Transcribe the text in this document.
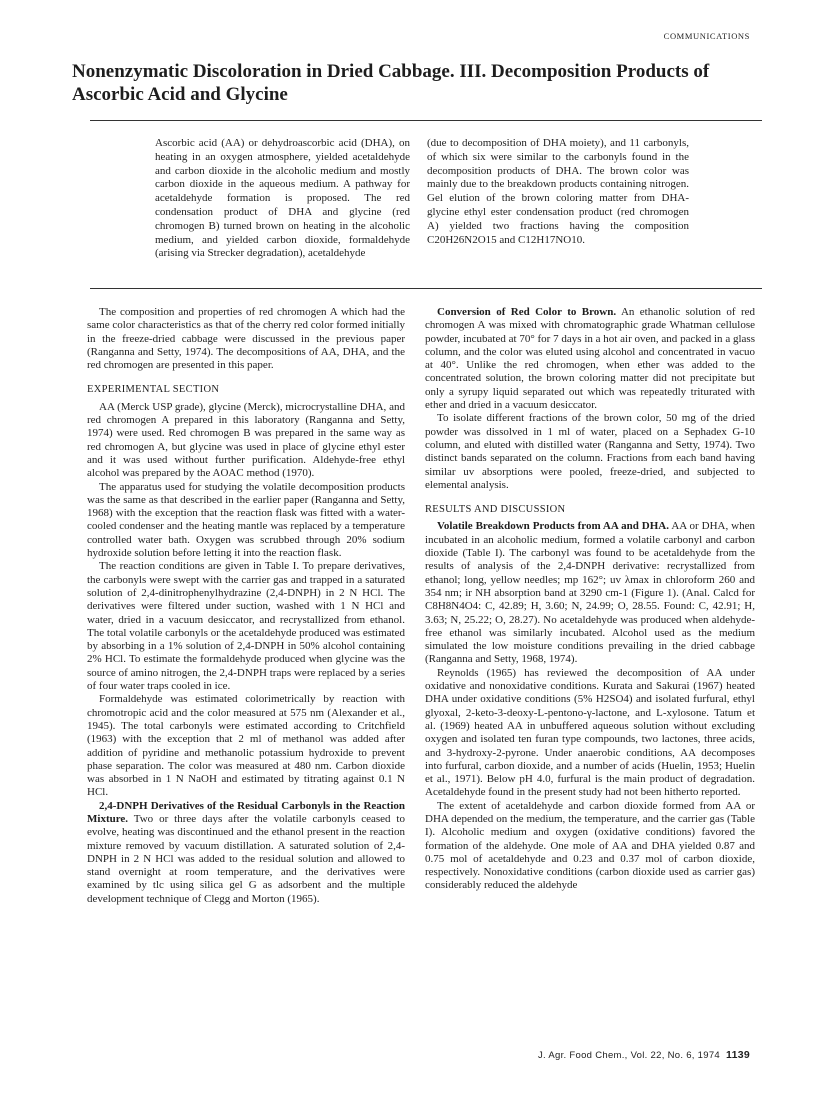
COMMUNICATIONS
Nonenzymatic Discoloration in Dried Cabbage. III. Decomposition Products of Ascorbic Acid and Glycine

Ascorbic acid (AA) or dehydroascorbic acid (DHA), on heating in an oxygen atmosphere, yielded acetaldehyde and carbon dioxide in the alcoholic medium and mostly carbon dioxide in the aqueous medium. A pathway for acetaldehyde formation is proposed. The red condensation product of DHA and glycine (red chromogen B) turned brown on heating in the alcoholic medium, and yielded carbon dioxide, formaldehyde (arising via Strecker degradation), acetaldehyde

(due to decomposition of DHA moiety), and 11 carbonyls, of which six were similar to the carbonyls found in the decomposition products of DHA. The brown color was mainly due to the breakdown products containing nitrogen. Gel elution of the brown coloring matter from DHA-glycine ethyl ester condensation product (red chromogen A) yielded two fractions having the composition C20H26N2O15 and C12H17NO10.

The composition and properties of red chromogen A which had the same color characteristics as that of the cherry red color formed initially in the freeze-dried cabbage were discussed in the previous paper (Ranganna and Setty, 1974). The decompositions of AA, DHA, and the red chromogen are presented in this paper.

EXPERIMENTAL SECTION

AA (Merck USP grade), glycine (Merck), microcrystalline DHA, and red chromogen A prepared in this laboratory (Ranganna and Setty, 1974) were used. Red chromogen B was prepared in the same way as red chromogen A, but glycine was used in place of glycine ethyl ester and it was used without further purification. Aldehyde-free ethyl alcohol was prepared by the AOAC method (1970).

The apparatus used for studying the volatile decomposition products was the same as that described in the earlier paper (Ranganna and Setty, 1968) with the exception that the reaction flask was fitted with a water-cooled condenser and the heating mantle was replaced by a temperature controlled water bath. Oxygen was scrubbed through 20% sodium hydroxide solution before letting it into the reaction flask.

The reaction conditions are given in Table I. To prepare derivatives, the carbonyls were swept with the carrier gas and trapped in a saturated solution of 2,4-dinitrophenylhydrazine (2,4-DNPH) in 2 N HCl. The derivatives were filtered under suction, washed with 1 N HCl and water, dried in a vacuum desiccator, and recrystallized from ethanol. The total volatile carbonyls or the acetaldehyde produced was estimated by absorbing in a 1% solution of 2,4-DNPH in 50% alcohol containing 2% HCl. To estimate the formaldehyde produced when glycine was the source of amino nitrogen, the 2,4-DNPH traps were replaced by a series of four water traps cooled in ice.

Formaldehyde was estimated colorimetrically by reaction with chromotropic acid and the color measured at 575 nm (Alexander et al., 1945). The total carbonyls were estimated according to Critchfield (1963) with the exception that 2 ml of methanol was added after addition of pyridine and methanolic potassium hydroxide to prevent phase separation. The color was measured at 480 nm. Carbon dioxide was absorbed in 1 N NaOH and estimated by titrating against 0.1 N HCl.

2,4-DNPH Derivatives of the Residual Carbonyls in the Reaction Mixture. Two or three days after the volatile carbonyls ceased to evolve, heating was discontinued and the ethanol present in the reaction mixture removed by vacuum distillation. A saturated solution of 2,4-DNPH in 2 N HCl was added to the residual solution and allowed to stand overnight at room temperature, and the derivatives were examined by tlc using silica gel G as adsorbent and the multiple development technique of Clegg and Morton (1965).

Conversion of Red Color to Brown. An ethanolic solution of red chromogen A was mixed with chromatographic grade Whatman cellulose powder, incubated at 70° for 7 days in a hot air oven, and packed in a glass column, and the color was eluted using alcohol and concentrated in vacuo at 40°. Unlike the red chromogen, when ether was added to the concentrated solution, the brown coloring matter did not precipitate but only a syrupy liquid separated out which was repeatedly triturated with ether and dried in a vacuum desiccator.

To isolate different fractions of the brown color, 50 mg of the dried powder was dissolved in 1 ml of water, placed on a Sephadex G-10 column, and eluted with distilled water (Ranganna and Setty, 1974). Two distinct bands separated on the column. Fractions from each band having similar uv absorptions were pooled, freeze-dried, and subjected to elemental analysis.

RESULTS AND DISCUSSION

Volatile Breakdown Products from AA and DHA. AA or DHA, when incubated in an alcoholic medium, formed a volatile carbonyl and carbon dioxide (Table I). The carbonyl was found to be acetaldehyde from the results of analysis of the 2,4-DNPH derivative: recrystallized from ethanol; long, yellow needles; mp 162°; uv λmax in chloroform 260 and 354 nm; ir NH absorption band at 3290 cm-1 (Figure 1). (Anal. Calcd for C8H8N4O4: C, 42.89; H, 3.60; N, 24.99; O, 28.55. Found: C, 42.91; H, 3.63; N, 25.22; O, 28.27). No acetaldehyde was produced when aldehyde-free ethanol was similarly incubated. Alcohol used as the medium simulated the low moisture conditions prevailing in the dried cabbage (Ranganna and Setty, 1968, 1974).

Reynolds (1965) has reviewed the decomposition of AA under oxidative and nonoxidative conditions. Kurata and Sakurai (1967) heated DHA under oxidative conditions (5% H2SO4) and isolated furfural, ethyl glyoxal, 2-keto-3-deoxy-L-pentono-γ-lactone, and L-xylosone. Tatum et al. (1969) heated AA in unbuffered aqueous solution without excluding oxygen and isolated ten furan type compounds, two lactones, three acids, and 3-hydroxy-2-pyrone. Under anaerobic conditions, AA decomposes into furfural, carbon dioxide, and a number of acids (Huelin, 1953; Huelin et al., 1971). Below pH 4.0, furfural is the main product of degradation. Acetaldehyde found in the present study had not been hitherto reported.

The extent of acetaldehyde and carbon dioxide formed from AA or DHA depended on the medium, the temperature, and the carrier gas (Table I). Alcoholic medium and oxygen (oxidative conditions) favored the formation of the aldehyde. One mole of AA and DHA yielded 0.87 and 0.75 mol of acetaldehyde and 0.23 and 0.37 mol of carbon dioxide, respectively. Nonoxidative conditions (carbon dioxide used as carrier gas) considerably reduced the aldehyde

J. Agr. Food Chem., Vol. 22, No. 6, 1974 1139
